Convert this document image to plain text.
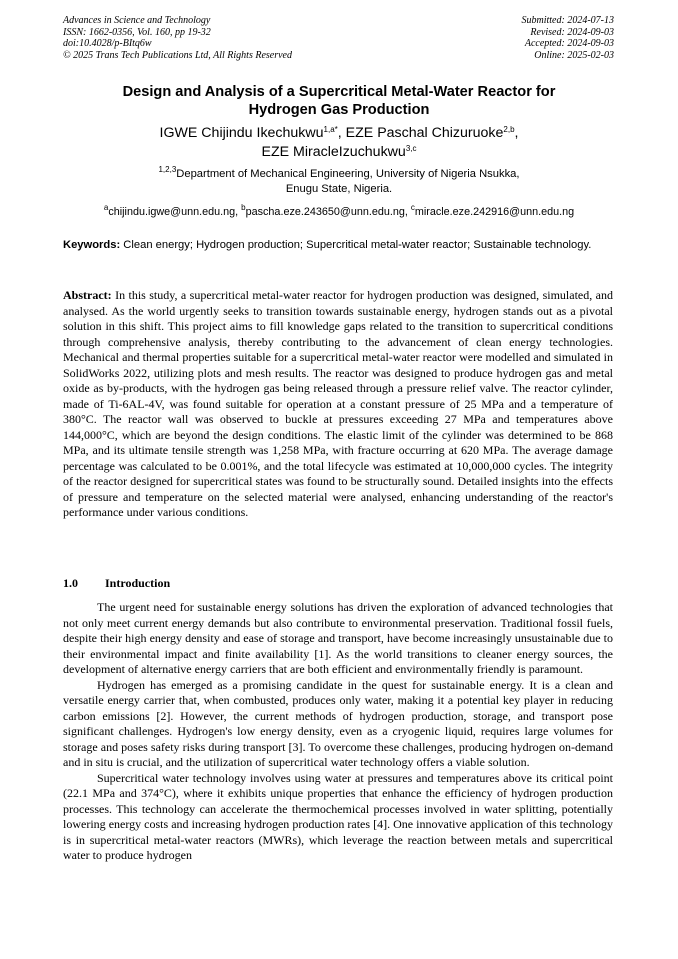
Advances in Science and Technology
ISSN: 1662-0356, Vol. 160, pp 19-32
doi:10.4028/p-BItq6w
© 2025 Trans Tech Publications Ltd, All Rights Reserved
Submitted: 2024-07-13
Revised: 2024-09-03
Accepted: 2024-09-03
Online: 2025-02-03
Design and Analysis of a Supercritical Metal-Water Reactor for
Hydrogen Gas Production
IGWE Chijindu Ikechukwu$^{1,a*}$, EZE Paschal Chizuruoke$^{2,b}$,
EZE MiracleIzuchukwu$^{3,c}$
$^{1,2,3}$Department of Mechanical Engineering, University of Nigeria Nsukka,
Enugu State, Nigeria.
$^a$chijindu.igwe@unn.edu.ng, $^b$pascha.eze.243650@unn.edu.ng, $^c$miracle.eze.242916@unn.edu.ng
Keywords: Clean energy; Hydrogen production; Supercritical metal-water reactor; Sustainable technology.
Abstract: In this study, a supercritical metal-water reactor for hydrogen production was designed, simulated, and analysed. As the world urgently seeks to transition towards sustainable energy, hydrogen stands out as a pivotal solution in this shift. This project aims to fill knowledge gaps related to the transition to supercritical conditions through comprehensive analysis, thereby contributing to the advancement of clean energy technologies. Mechanical and thermal properties suitable for a supercritical metal-water reactor were modelled and simulated in SolidWorks 2022, utilizing plots and mesh results. The reactor was designed to produce hydrogen gas and metal oxide as by-products, with the hydrogen gas being released through a pressure relief valve. The reactor cylinder, made of Ti-6AL-4V, was found suitable for operation at a constant pressure of 25 MPa and a temperature of 380°C. The reactor wall was observed to buckle at pressures exceeding 27 MPa and temperatures above 144,000°C, which are beyond the design conditions. The elastic limit of the cylinder was determined to be 868 MPa, and its ultimate tensile strength was 1,258 MPa, with fracture occurring at 620 MPa. The average damage percentage was calculated to be 0.001%, and the total lifecycle was estimated at 10,000,000 cycles. The integrity of the reactor designed for supercritical states was found to be structurally sound. Detailed insights into the effects of pressure and temperature on the selected material were analysed, enhancing understanding of the reactor's performance under various conditions.
1.0 Introduction

The urgent need for sustainable energy solutions has driven the exploration of advanced technologies that not only meet current energy demands but also contribute to environmental preservation. Traditional fossil fuels, despite their high energy density and ease of storage and transport, have become increasingly unsustainable due to their environmental impact and finite availability [1]. As the world transitions to cleaner energy sources, the development of alternative energy carriers that are both efficient and environmentally friendly is paramount.

Hydrogen has emerged as a promising candidate in the quest for sustainable energy. It is a clean and versatile energy carrier that, when combusted, produces only water, making it a potential key player in reducing carbon emissions [2]. However, the current methods of hydrogen production, storage, and transport pose significant challenges. Hydrogen's low energy density, even as a cryogenic liquid, requires large volumes for storage and poses safety risks during transport [3]. To overcome these challenges, producing hydrogen on-demand and in situ is crucial, and the utilization of supercritical water technology offers a viable solution.

Supercritical water technology involves using water at pressures and temperatures above its critical point (22.1 MPa and 374°C), where it exhibits unique properties that enhance the efficiency of hydrogen production processes. This technology can accelerate the thermochemical processes involved in water splitting, potentially lowering energy costs and increasing hydrogen production rates [4]. One innovative application of this technology is in supercritical metal-water reactors (MWRs), which leverage the reaction between metals and supercritical water to produce hydrogen
